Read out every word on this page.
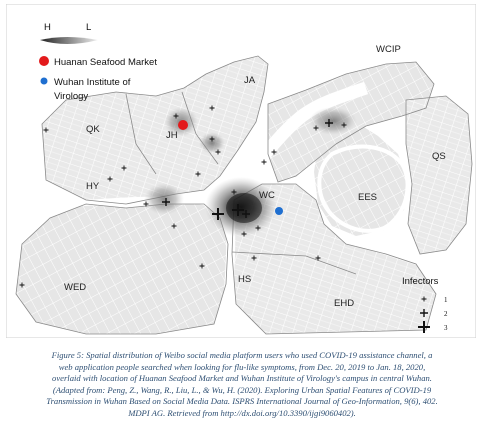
WCIP
JA
QK
JH
QS
HY
EES
WC
WED
HS
EHD
H	L
Huanan Seafood Market
Wuhan Institute of
Virology
Infectors
1
2
3
Figure 5: Spatial distribution of Weibo social media platform users who used COVID-19 assistance channel, a
web application people searched when looking for flu-like symptoms, from Dec. 20, 2019 to Jan. 18, 2020,
overlaid with location of Huanan Seafood Market and Wuhan Institute of Virology's campus in central Wuhan.
(Adapted from: Peng, Z., Wang, R., Liu, L., & Wu, H. (2020). Exploring Urban Spatial Features of COVID-19
Transmission in Wuhan Based on Social Media Data. ISPRS International Journal of Geo-Information, 9(6), 402.
MDPI AG. Retrieved from http://dx.doi.org/10.3390/ijgi9060402).
